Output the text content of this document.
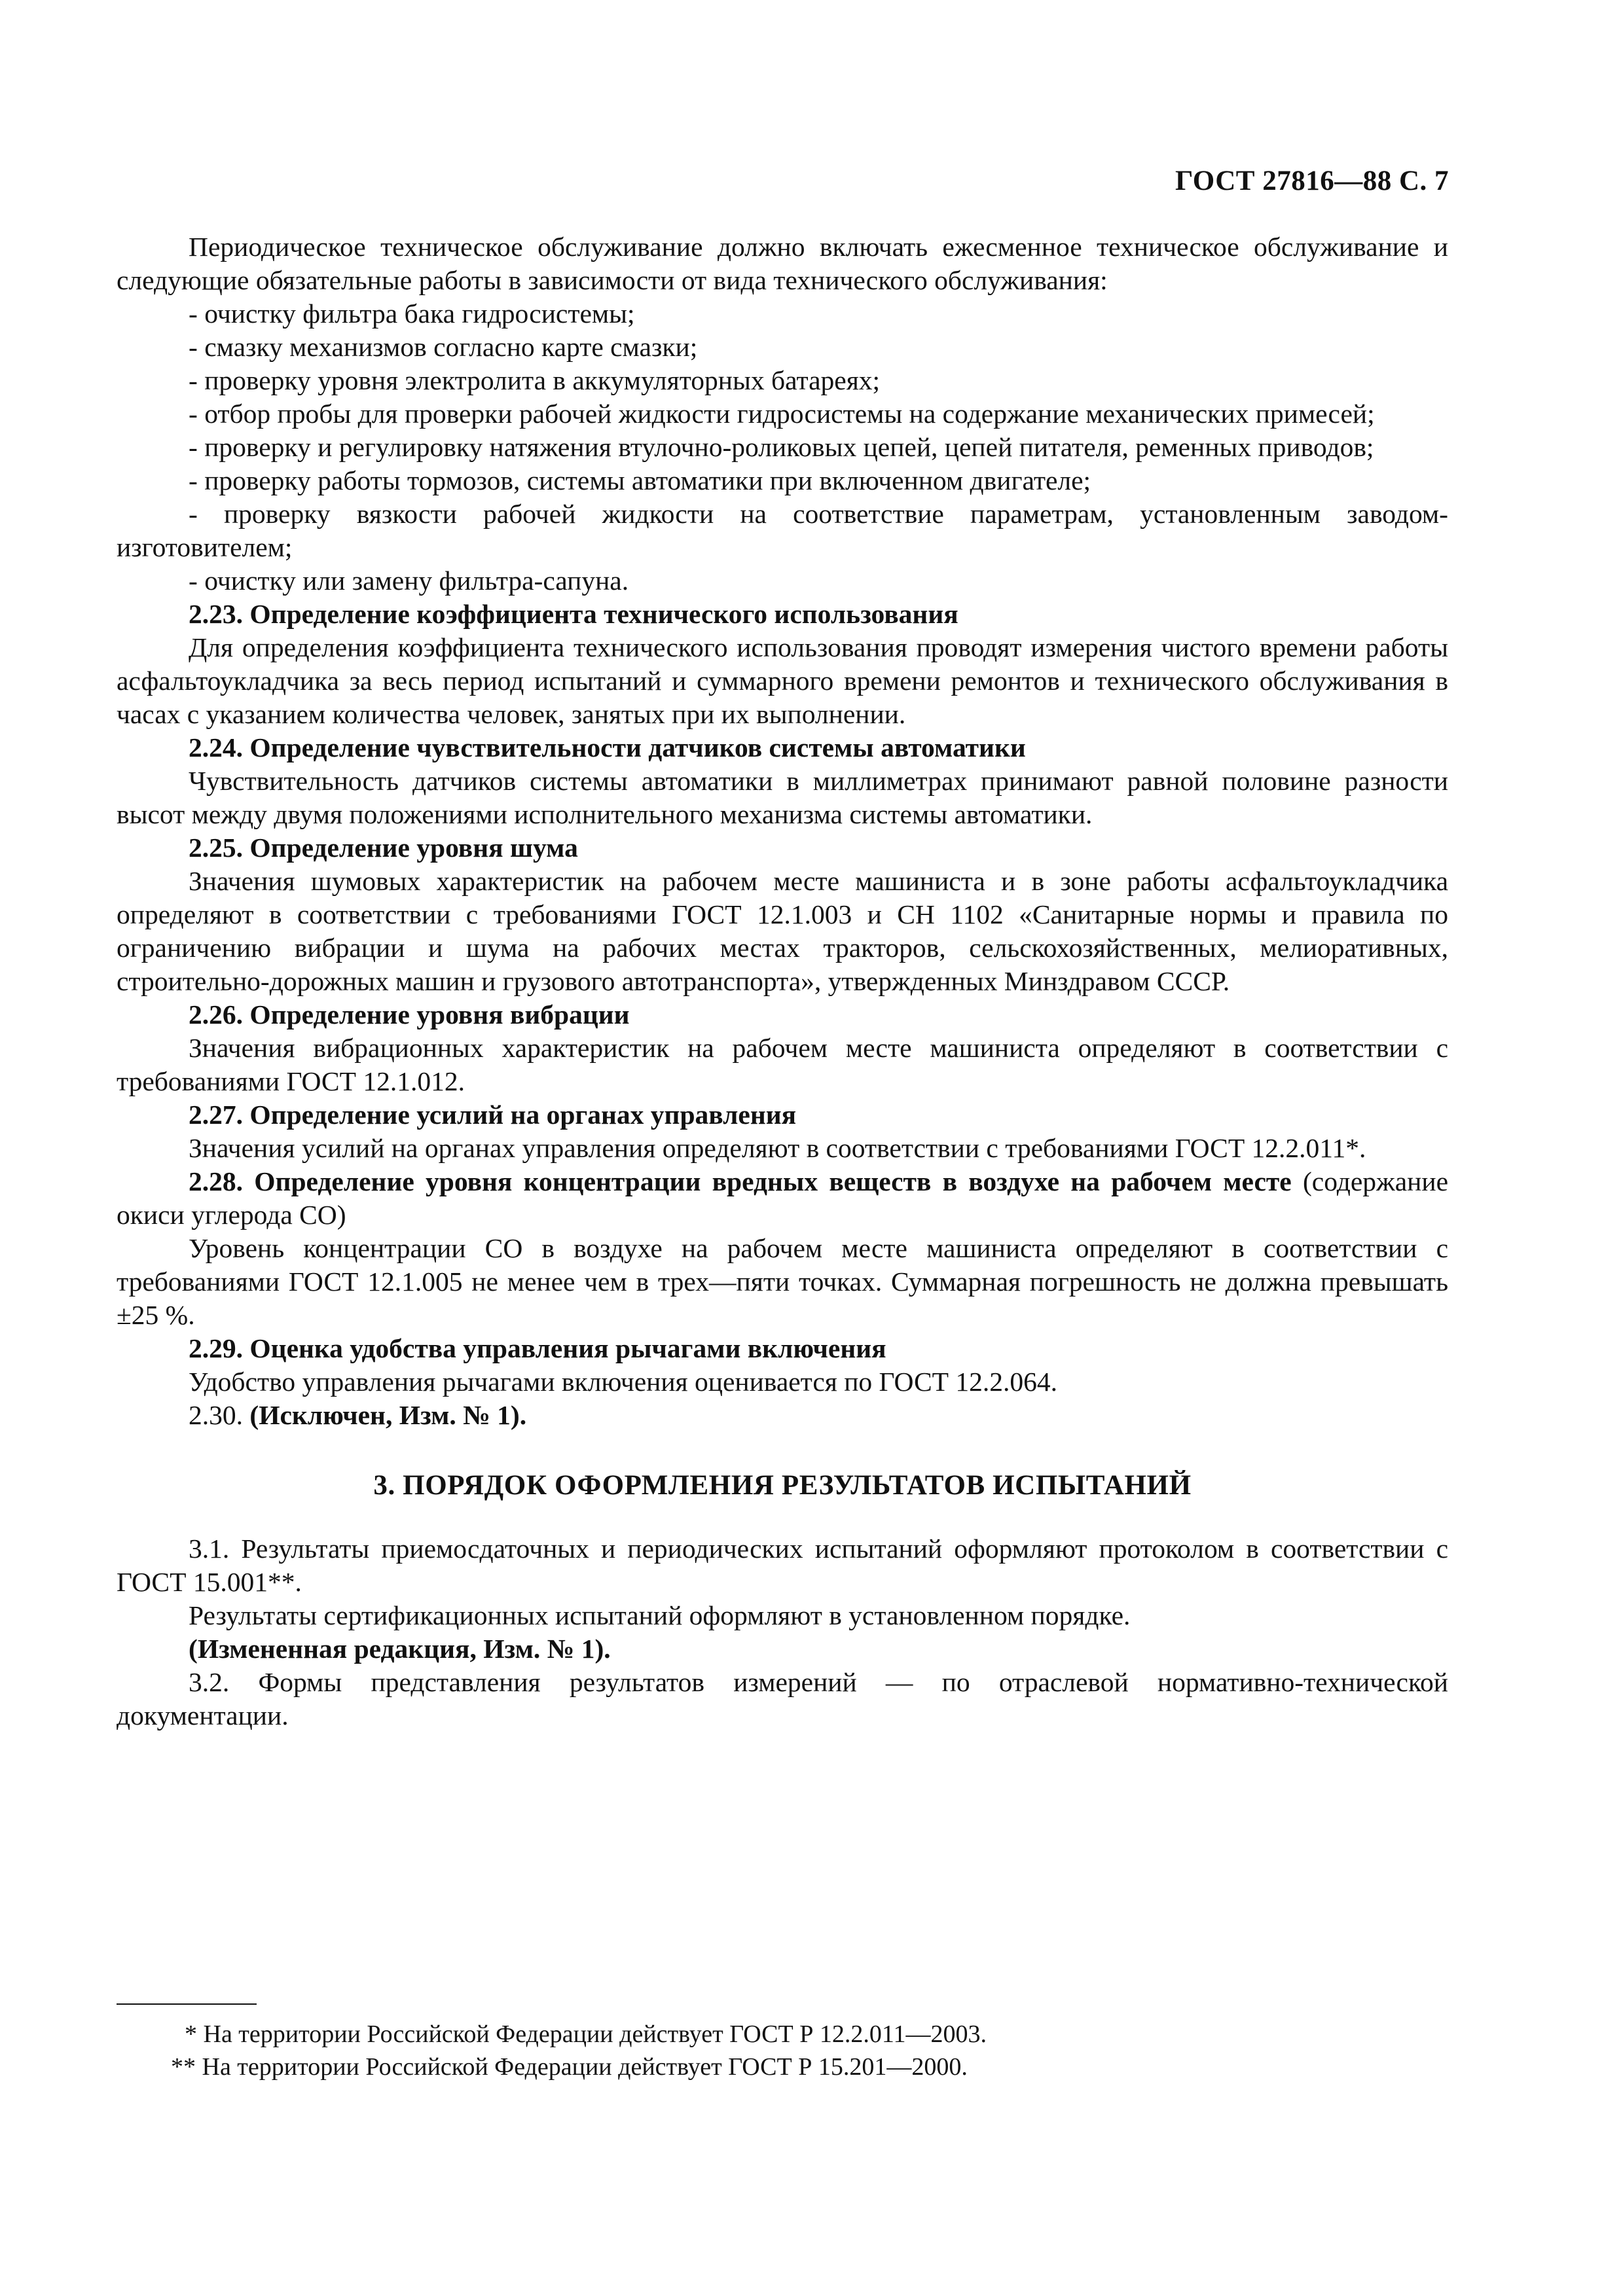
ГОСТ 27816—88 С. 7

Периодическое техническое обслуживание должно включать ежесменное техническое обслуживание и следующие обязательные работы в зависимости от вида технического обслуживания:

- очистку фильтра бака гидросистемы;

- смазку механизмов согласно карте смазки;

- проверку уровня электролита в аккумуляторных батареях;

- отбор пробы для проверки рабочей жидкости гидросистемы на содержание механических примесей;

- проверку и регулировку натяжения втулочно-роликовых цепей, цепей питателя, ременных приводов;

- проверку работы тормозов, системы автоматики при включенном двигателе;

- проверку вязкости рабочей жидкости на соответствие параметрам, установленным заводом-изготовителем;

- очистку или замену фильтра-сапуна.

2.23. Определение коэффициента технического использования

Для определения коэффициента технического использования проводят измерения чистого времени работы асфальтоукладчика за весь период испытаний и суммарного времени ремонтов и технического обслуживания в часах с указанием количества человек, занятых при их выполнении.

2.24. Определение чувствительности датчиков системы автоматики

Чувствительность датчиков системы автоматики в миллиметрах принимают равной половине разности высот между двумя положениями исполнительного механизма системы автоматики.

2.25. Определение уровня шума

Значения шумовых характеристик на рабочем месте машиниста и в зоне работы асфальтоукладчика определяют в соответствии с требованиями ГОСТ 12.1.003 и СН 1102 «Санитарные нормы и правила по ограничению вибрации и шума на рабочих местах тракторов, сельскохозяйственных, мелиоративных, строительно-дорожных машин и грузового автотранспорта», утвержденных Минздравом СССР.

2.26. Определение уровня вибрации

Значения вибрационных характеристик на рабочем месте машиниста определяют в соответствии с требованиями ГОСТ 12.1.012.

2.27. Определение усилий на органах управления

Значения усилий на органах управления определяют в соответствии с требованиями ГОСТ 12.2.011*.

2.28. Определение уровня концентрации вредных веществ в воздухе на рабочем месте (содержание окиси углерода СО)

Уровень концентрации СО в воздухе на рабочем месте машиниста определяют в соответствии с требованиями ГОСТ 12.1.005 не менее чем в трех—пяти точках. Суммарная погрешность не должна превышать ±25 %.

2.29. Оценка удобства управления рычагами включения

Удобство управления рычагами включения оценивается по ГОСТ 12.2.064.

2.30. (Исключен, Изм. № 1).

3. ПОРЯДОК ОФОРМЛЕНИЯ РЕЗУЛЬТАТОВ ИСПЫТАНИЙ

3.1. Результаты приемосдаточных и периодических испытаний оформляют протоколом в соответствии с ГОСТ 15.001**.

Результаты сертификационных испытаний оформляют в установленном порядке.

(Измененная редакция, Изм. № 1).

3.2. Формы представления результатов измерений — по отраслевой нормативно-технической документации.

* На территории Российской Федерации действует ГОСТ Р 12.2.011—2003.

** На территории Российской Федерации действует ГОСТ Р 15.201—2000.
